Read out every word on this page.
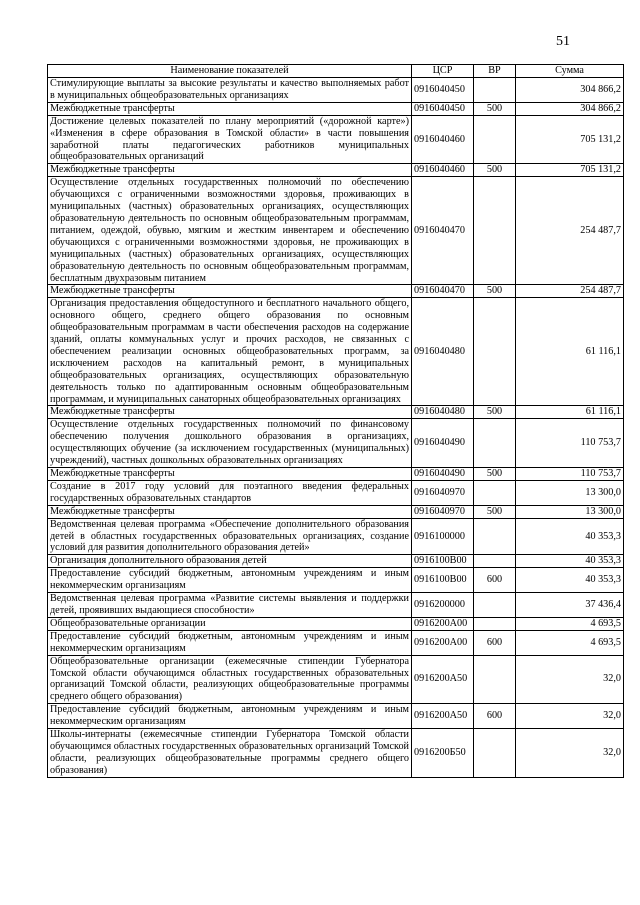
51
Наименование показателей	ЦСР	ВР	Сумма
Стимулирующие выплаты за высокие результаты и качество выполняемых работ в муниципальных общеобразовательных организациях	0916040450		304 866,2
Межбюджетные трансферты	0916040450	500	304 866,2
Достижение целевых показателей по плану мероприятий («дорожной карте») «Изменения в сфере образования в Томской области» в части повышения заработной платы педагогических работников муниципальных общеобразовательных организаций	0916040460		705 131,2
Межбюджетные трансферты	0916040460	500	705 131,2
Осуществление отдельных государственных полномочий по обеспечению обучающихся с ограниченными возможностями здоровья, проживающих в муниципальных (частных) образовательных организациях, осуществляющих образовательную деятельность по основным общеобразовательным программам, питанием, одеждой, обувью, мягким и жестким инвентарем и обеспечению обучающихся с ограниченными возможностями здоровья, не проживающих в муниципальных (частных) образовательных организациях, осуществляющих образовательную деятельность по основным общеобразовательным программам, бесплатным двухразовым питанием	0916040470		254 487,7
Межбюджетные трансферты	0916040470	500	254 487,7
Организация предоставления общедоступного и бесплатного начального общего, основного общего, среднего общего образования по основным общеобразовательным программам в части обеспечения расходов на содержание зданий, оплаты коммунальных услуг и прочих расходов, не связанных с обеспечением реализации основных общеобразовательных программ, за исключением расходов на капитальный ремонт, в муниципальных общеобразовательных организациях, осуществляющих образовательную деятельность только по адаптированным основным общеобразовательным программам, и муниципальных санаторных общеобразовательных организациях	0916040480		61 116,1
Межбюджетные трансферты	0916040480	500	61 116,1
Осуществление отдельных государственных полномочий по финансовому обеспечению получения дошкольного образования в организациях, осуществляющих обучение (за исключением государственных (муниципальных) учреждений), частных дошкольных образовательных организациях	0916040490		110 753,7
Межбюджетные трансферты	0916040490	500	110 753,7
Создание в 2017 году условий для поэтапного введения федеральных государственных образовательных стандартов	0916040970		13 300,0
Межбюджетные трансферты	0916040970	500	13 300,0
Ведомственная целевая программа «Обеспечение дополнительного образования детей в областных государственных образовательных организациях, создание условий для развития дополнительного образования детей»	0916100000		40 353,3
Организация дополнительного образования детей	0916100В00		40 353,3
Предоставление субсидий бюджетным, автономным учреждениям и иным некоммерческим организациям	0916100В00	600	40 353,3
Ведомственная целевая программа «Развитие системы выявления и поддержки детей, проявивших выдающиеся способности»	0916200000		37 436,4
Общеобразовательные организации	0916200А00		4 693,5
Предоставление субсидий бюджетным, автономным учреждениям и иным некоммерческим организациям	0916200А00	600	4 693,5
Общеобразовательные организации (ежемесячные стипендии Губернатора Томской области обучающимся областных государственных образовательных организаций Томской области, реализующих общеобразовательные программы среднего общего образования)	0916200А50		32,0
Предоставление субсидий бюджетным, автономным учреждениям и иным некоммерческим организациям	0916200А50	600	32,0
Школы-интернаты (ежемесячные стипендии Губернатора Томской области обучающимся областных государственных образовательных организаций Томской области, реализующих общеобразовательные программы среднего общего образования)	0916200Б50		32,0
